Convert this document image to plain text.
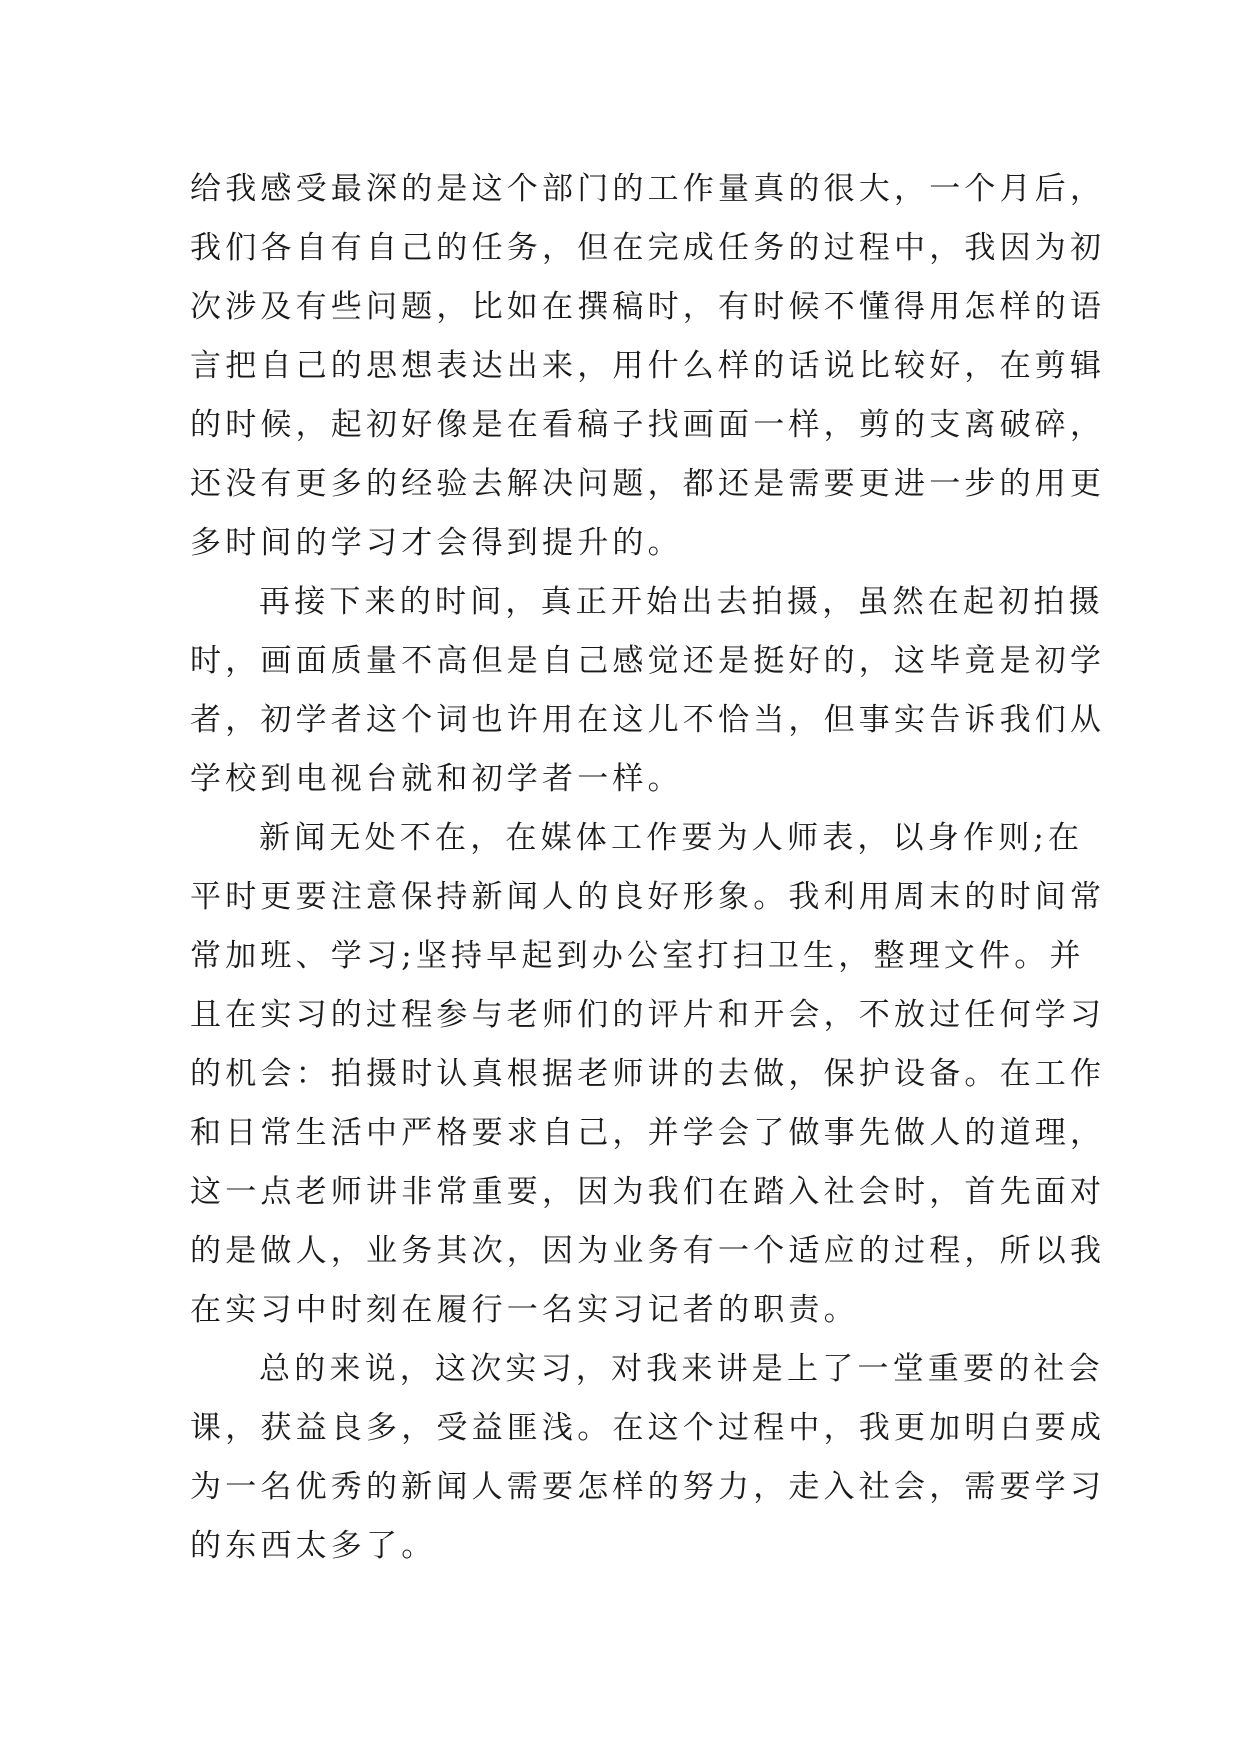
给我感受最深的是这个部门的工作量真的很大，一个月后，
我们各自有自己的任务，但在完成任务的过程中，我因为初
次涉及有些问题，比如在撰稿时，有时候不懂得用怎样的语
言把自己的思想表达出来，用什么样的话说比较好，在剪辑
的时候，起初好像是在看稿子找画面一样，剪的支离破碎，
还没有更多的经验去解决问题，都还是需要更进一步的用更
多时间的学习才会得到提升的。
再接下来的时间，真正开始出去拍摄，虽然在起初拍摄
时，画面质量不高但是自己感觉还是挺好的，这毕竟是初学
者，初学者这个词也许用在这儿不恰当，但事实告诉我们从
学校到电视台就和初学者一样。
新闻无处不在，在媒体工作要为人师表，以身作则;在
平时更要注意保持新闻人的良好形象。我利用周末的时间常
常加班、学习;坚持早起到办公室打扫卫生，整理文件。并
且在实习的过程参与老师们的评片和开会，不放过任何学习
的机会：拍摄时认真根据老师讲的去做，保护设备。在工作
和日常生活中严格要求自己，并学会了做事先做人的道理，
这一点老师讲非常重要，因为我们在踏入社会时，首先面对
的是做人，业务其次，因为业务有一个适应的过程，所以我
在实习中时刻在履行一名实习记者的职责。
总的来说，这次实习，对我来讲是上了一堂重要的社会
课，获益良多，受益匪浅。在这个过程中，我更加明白要成
为一名优秀的新闻人需要怎样的努力，走入社会，需要学习
的东西太多了。
